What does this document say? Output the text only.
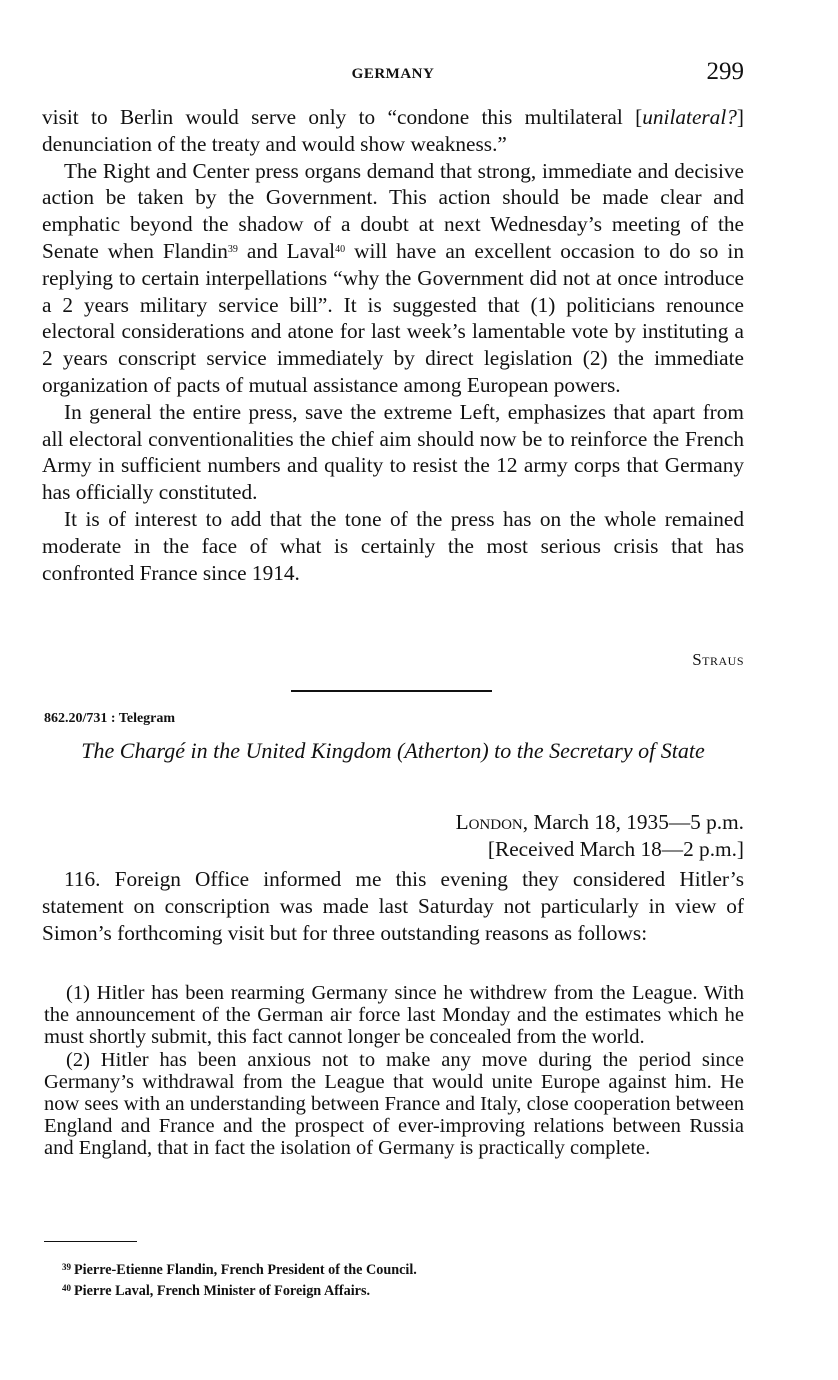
GERMANY	299

visit to Berlin would serve only to “condone this multilateral [unilateral?] denunciation of the treaty and would show weakness.”

The Right and Center press organs demand that strong, immediate and decisive action be taken by the Government. This action should be made clear and emphatic beyond the shadow of a doubt at next Wednesday’s meeting of the Senate when Flandin$^{39}$ and Laval$^{40}$ will have an excellent occasion to do so in replying to certain interpellations “why the Government did not at once introduce a 2 years military service bill”. It is suggested that (1) politicians renounce electoral considerations and atone for last week’s lamentable vote by instituting a 2 years conscript service immediately by direct legislation (2) the immediate organization of pacts of mutual assistance among European powers.

In general the entire press, save the extreme Left, emphasizes that apart from all electoral conventionalities the chief aim should now be to reinforce the French Army in sufficient numbers and quality to resist the 12 army corps that Germany has officially constituted.

It is of interest to add that the tone of the press has on the whole remained moderate in the face of what is certainly the most serious crisis that has confronted France since 1914.

Straus
862.20/731 : Telegram
The Chargé in the United Kingdom (Atherton) to the Secretary of State
London, March 18, 1935—5 p.m.
[Received March 18—2 p.m.]

116. Foreign Office informed me this evening they considered Hitler’s statement on conscription was made last Saturday not particularly in view of Simon’s forthcoming visit but for three outstanding reasons as follows:

(1) Hitler has been rearming Germany since he withdrew from the League. With the announcement of the German air force last Monday and the estimates which he must shortly submit, this fact cannot longer be concealed from the world.

(2) Hitler has been anxious not to make any move during the period since Germany’s withdrawal from the League that would unite Europe against him. He now sees with an understanding between France and Italy, close cooperation between England and France and the prospect of ever-improving relations between Russia and England, that in fact the isolation of Germany is practically complete.

$^{39}$ Pierre-Etienne Flandin, French President of the Council.
$^{40}$ Pierre Laval, French Minister of Foreign Affairs.
